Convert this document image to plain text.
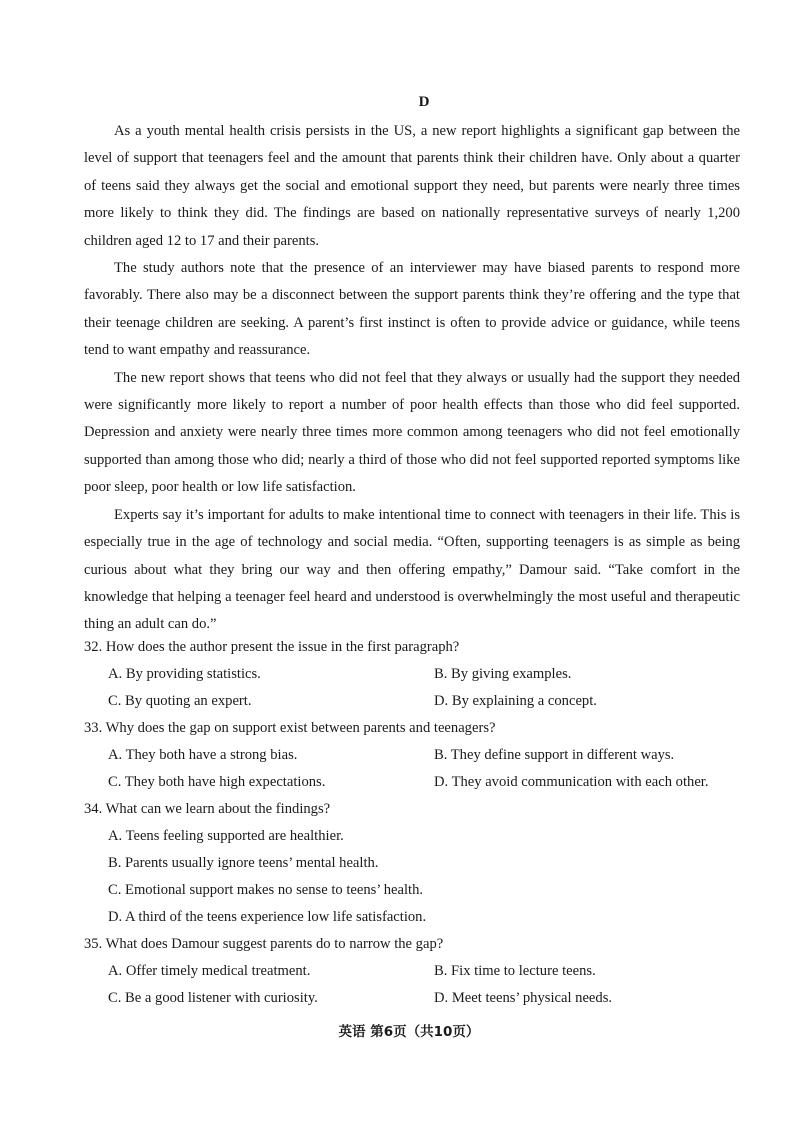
D

As a youth mental health crisis persists in the US, a new report highlights a significant gap between the level of support that teenagers feel and the amount that parents think their children have. Only about a quarter of teens said they always get the social and emotional support they need, but parents were nearly three times more likely to think they did. The findings are based on nationally representative surveys of nearly 1,200 children aged 12 to 17 and their parents.

The study authors note that the presence of an interviewer may have biased parents to respond more favorably. There also may be a disconnect between the support parents think they’re offering and the type that their teenage children are seeking. A parent’s first instinct is often to provide advice or guidance, while teens tend to want empathy and reassurance.

The new report shows that teens who did not feel that they always or usually had the support they needed were significantly more likely to report a number of poor health effects than those who did feel supported. Depression and anxiety were nearly three times more common among teenagers who did not feel emotionally supported than among those who did; nearly a third of those who did not feel supported reported symptoms like poor sleep, poor health or low life satisfaction.

Experts say it’s important for adults to make intentional time to connect with teenagers in their life. This is especially true in the age of technology and social media. “Often, supporting teenagers is as simple as being curious about what they bring our way and then offering empathy,” Damour said. “Take comfort in the knowledge that helping a teenager feel heard and understood is overwhelmingly the most useful and therapeutic thing an adult can do.”

32. How does the author present the issue in the first paragraph?
A. By providing statistics.	B. By giving examples.
C. By quoting an expert.	D. By explaining a concept.
33. Why does the gap on support exist between parents and teenagers?
A. They both have a strong bias.	B. They define support in different ways.
C. They both have high expectations.	D. They avoid communication with each other.
34. What can we learn about the findings?
A. Teens feeling supported are healthier.
B. Parents usually ignore teens’ mental health.
C. Emotional support makes no sense to teens’ health.
D. A third of the teens experience low life satisfaction.
35. What does Damour suggest parents do to narrow the gap?
A. Offer timely medical treatment.	B. Fix time to lecture teens.
C. Be a good listener with curiosity.	D. Meet teens’ physical needs.
英语 第6页（共10页）
